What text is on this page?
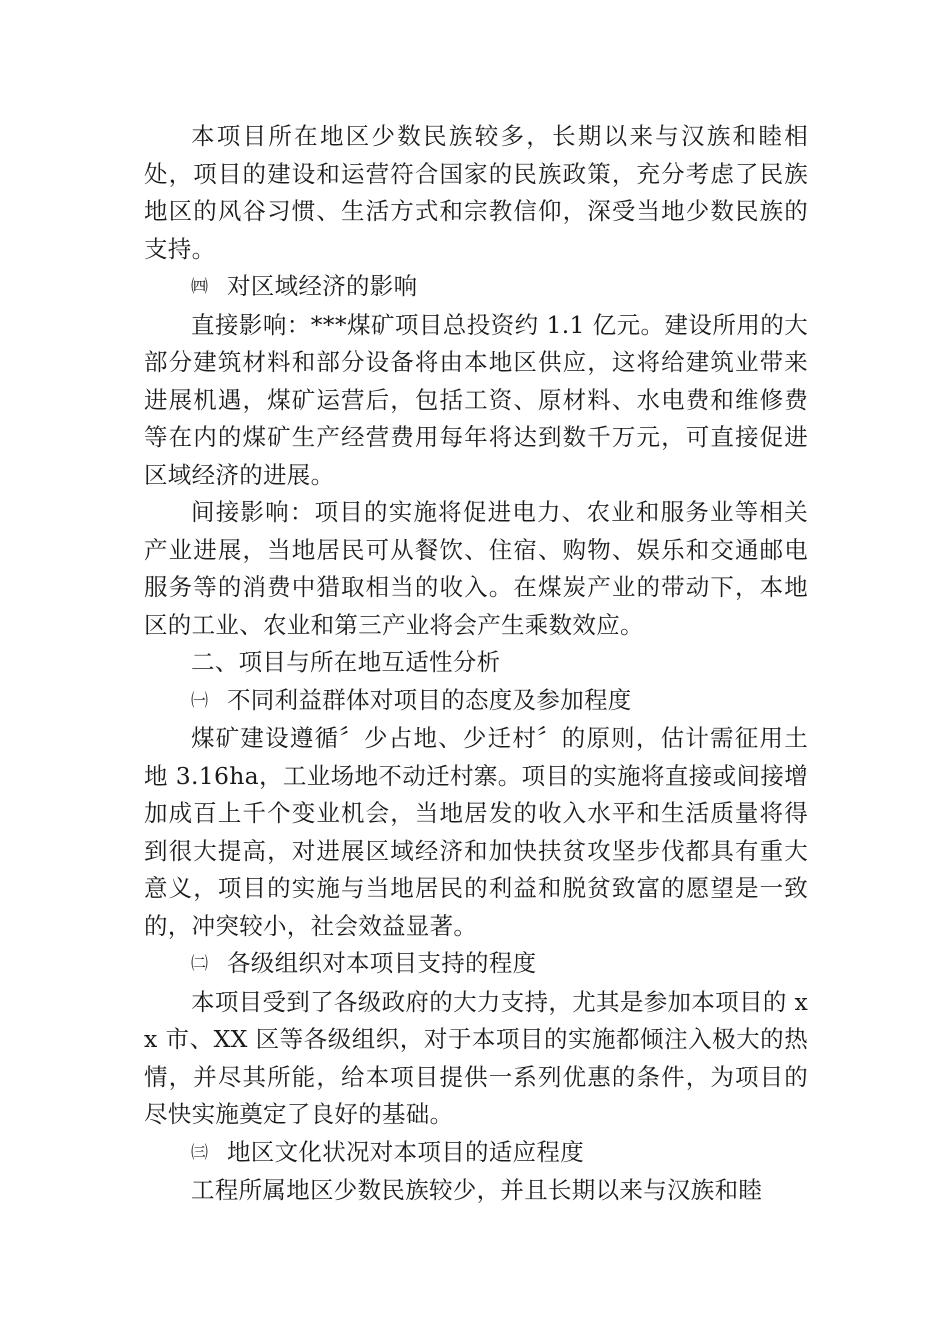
本项目所在地区少数民族较多，长期以来与汉族和睦相处，项目的建设和运营符合国家的民族政策，充分考虑了民族地区的风谷习惯、生活方式和宗教信仰，深受当地少数民族的支持。

㈣ 对区域经济的影响

直接影响：***煤矿项目总投资约 1.1 亿元。建设所用的大部分建筑材料和部分设备将由本地区供应，这将给建筑业带来进展机遇，煤矿运营后，包括工资、原材料、水电费和维修费等在内的煤矿生产经营费用每年将达到数千万元，可直接促进区域经济的进展。

间接影响：项目的实施将促进电力、农业和服务业等相关产业进展，当地居民可从餐饮、住宿、购物、娱乐和交通邮电服务等的消费中猎取相当的收入。在煤炭产业的带动下，本地区的工业、农业和第三产业将会产生乘数效应。

二、项目与所在地互适性分析

㈠ 不同利益群体对项目的态度及参加程度

煤矿建设遵循〞少占地、少迁村〞的原则，估计需征用土地 3.16ha，工业场地不动迁村寨。项目的实施将直接或间接增加成百上千个变业机会，当地居发的收入水平和生活质量将得到很大提高，对进展区域经济和加快扶贫攻坚步伐都具有重大意义，项目的实施与当地居民的利益和脱贫致富的愿望是一致的，冲突较小，社会效益显著。

㈡ 各级组织对本项目支持的程度

本项目受到了各级政府的大力支持，尤其是参加本项目的 xx 市、XX 区等各级组织，对于本项目的实施都倾注入极大的热情，并尽其所能，给本项目提供一系列优惠的条件，为项目的尽快实施奠定了良好的基础。

㈢ 地区文化状况对本项目的适应程度

工程所属地区少数民族较少，并且长期以来与汉族和睦
